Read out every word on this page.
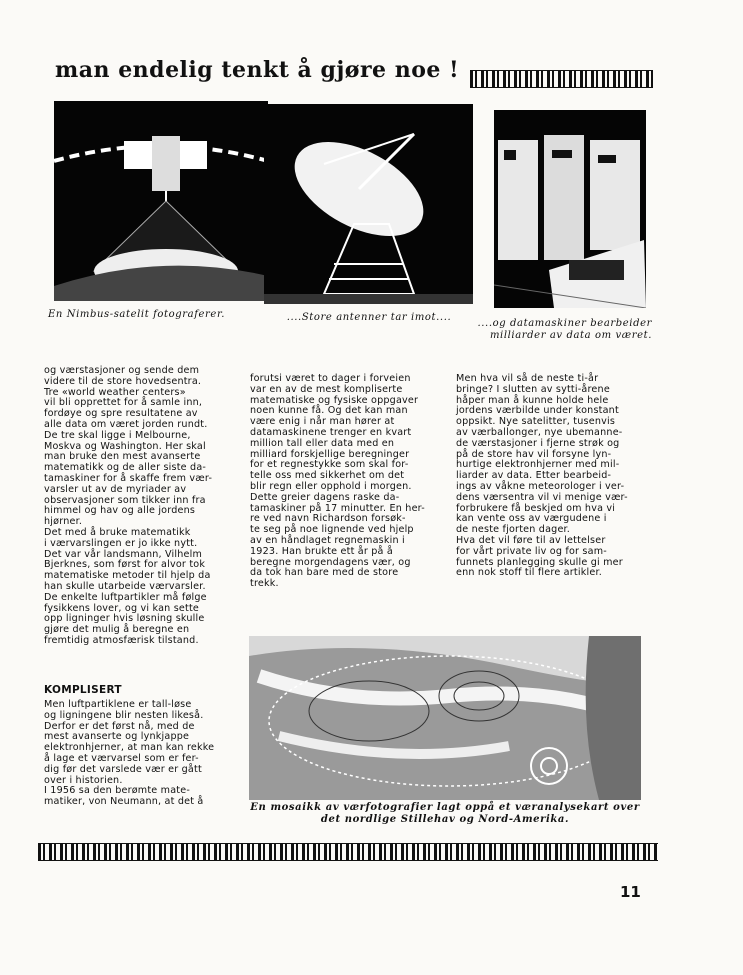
man endelig tenkt å gjøre noe !
En Nimbus-satelit fotograferer.	....Store antenner tar imot....
....og datamaskiner bearbeider milliarder av data om været.
og værstasjoner og sende dem
videre til de store hovedsentra.
Tre «world weather centers»
vil bli opprettet for å samle inn,
fordøye og spre resultatene av
alle data om været jorden rundt.
De tre skal ligge i Melbourne,
Moskva og Washington. Her skal
man bruke den mest avanserte
matematikk og de aller siste da-
tamaskiner for å skaffe frem vær-
varsler ut av de myriader av
observasjoner som tikker inn fra
himmel og hav og alle jordens
hjørner.
Det med å bruke matematikk
i værvarslingen er jo ikke nytt.
Det var vår landsmann, Vilhelm
Bjerknes, som først for alvor tok
matematiske metoder til hjelp da
han skulle utarbeide værvarsler.
De enkelte luftpartikler må følge
fysikkens lover, og vi kan sette
opp ligninger hvis løsning skulle
gjøre det mulig å beregne en
fremtidig atmosfærisk tilstand.
KOMPLISERT
Men luftpartiklene er tall-løse
og ligningene blir nesten likeså.
Derfor er det først nå, med de
mest avanserte og lynkjappe
elektronhjerner, at man kan rekke
å lage et værvarsel som er fer-
dig før det varslede vær er gått
over i historien.
I 1956 sa den berømte mate-
matiker, von Neumann, at det å
forutsi været to dager i forveien
var en av de mest kompliserte
matematiske og fysiske oppgaver
noen kunne få. Og det kan man
være enig i når man hører at
datamaskinene trenger en kvart
million tall eller data med en
milliard forskjellige beregninger
for et regnestykke som skal for-
telle oss med sikkerhet om det
blir regn eller opphold i morgen.
Dette greier dagens raske da-
tamaskiner på 17 minutter. En her-
re ved navn Richardson forsøk-
te seg på noe lignende ved hjelp
av en håndlaget regnemaskin i
1923. Han brukte ett år på å
beregne morgendagens vær, og
da tok han bare med de store
trekk.
Men hva vil så de neste ti-år
bringe? I slutten av sytti-årene
håper man å kunne holde hele
jordens værbilde under konstant
oppsikt. Nye satelitter, tusenvis
av værballonger, nye ubemanne-
de værstasjoner i fjerne strøk og
på de store hav vil forsyne lyn-
hurtige elektronhjerner med mil-
liarder av data. Etter bearbeid-
ings av våkne meteorologer i ver-
dens værsentra vil vi menige vær-
forbrukere få beskjed om hva vi
kan vente oss av værgudene i
de neste fjorten dager.
Hva det vil føre til av lettelser
for vårt private liv og for sam-
funnets planlegging skulle gi mer
enn nok stoff til flere artikler.
En mosaikk av værfotografier lagt oppå et væranalysekart over det nordlige Stillehav og Nord-Amerika.
11
